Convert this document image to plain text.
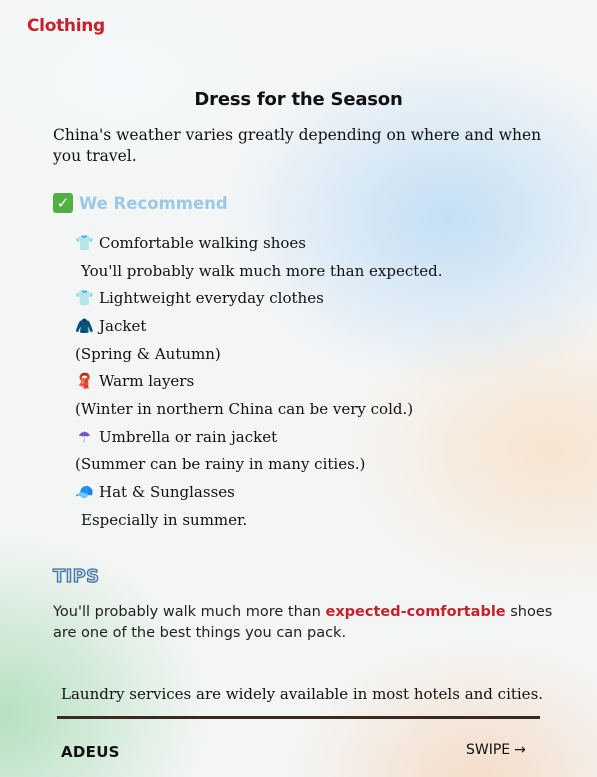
Clothing
Dress for the Season
China's weather varies greatly depending on where and when you travel.
✓ We Recommend
👕 Comfortable walking shoes
You'll probably walk much more than expected.
👕 Lightweight everyday clothes
🧥 Jacket
(Spring & Autumn)
🧣 Warm layers
(Winter in northern China can be very cold.)
☂ Umbrella or rain jacket
(Summer can be rainy in many cities.)
🧢 Hat & Sunglasses
Especially in summer.
TIPS
You'll probably walk much more than expected-comfortable shoes are one of the best things you can pack.
Laundry services are widely available in most hotels and cities.
ADEUS	SWIPE →
